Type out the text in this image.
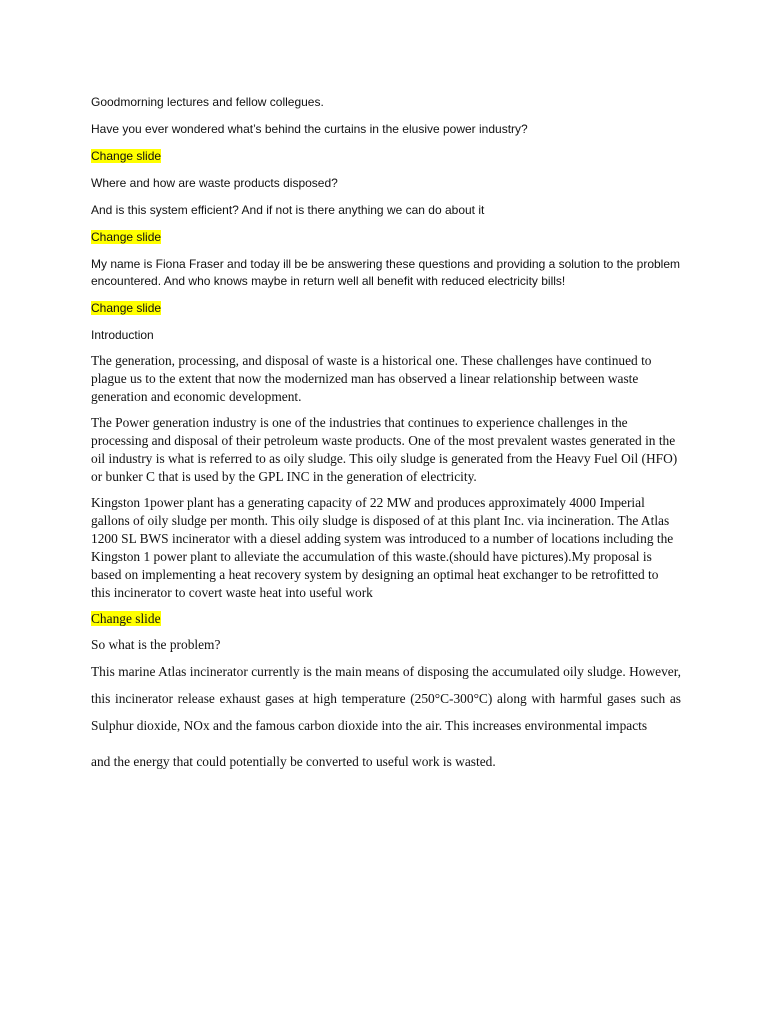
Goodmorning lectures and fellow collegues.

Have you ever wondered what’s behind the curtains in the elusive power industry?

Change slide

Where and how are waste products disposed?

And is this system efficient? And if not is there anything we can do about it

Change slide

My name is Fiona Fraser and today ill be be answering these questions and providing a solution to the problem encountered. And who knows maybe in return well all benefit with reduced electricity bills!

Change slide

Introduction

The generation, processing, and disposal of waste is a historical one. These challenges have continued to plague us to the extent that now the modernized man has observed a linear relationship between waste generation and economic development.

The Power generation industry is one of the industries that continues to experience challenges in the processing and disposal of their petroleum waste products. One of the most prevalent wastes generated in the oil industry is what is referred to as oily sludge. This oily sludge is generated from the Heavy Fuel Oil (HFO) or bunker C that is used by the GPL INC in the generation of electricity.

Kingston 1power plant has a generating capacity of 22 MW and produces approximately 4000 Imperial gallons of oily sludge per month. This oily sludge is disposed of at this plant Inc. via incineration. The Atlas 1200 SL BWS incinerator with a diesel adding system was introduced to a number of locations including the Kingston 1 power plant to alleviate the accumulation of this waste.(should have pictures).My proposal is based on implementing a heat recovery system by designing an optimal heat exchanger to be retrofitted to this incinerator to covert waste heat into useful work

Change slide

So what is the problem?

This marine Atlas incinerator currently is the main means of disposing the accumulated oily sludge. However, this incinerator release exhaust gases at high temperature (250°C-300°C) along with harmful gases such as Sulphur dioxide, NOx and the famous carbon dioxide into the air. This increases environmental impacts

and the energy that could potentially be converted to useful work is wasted.
